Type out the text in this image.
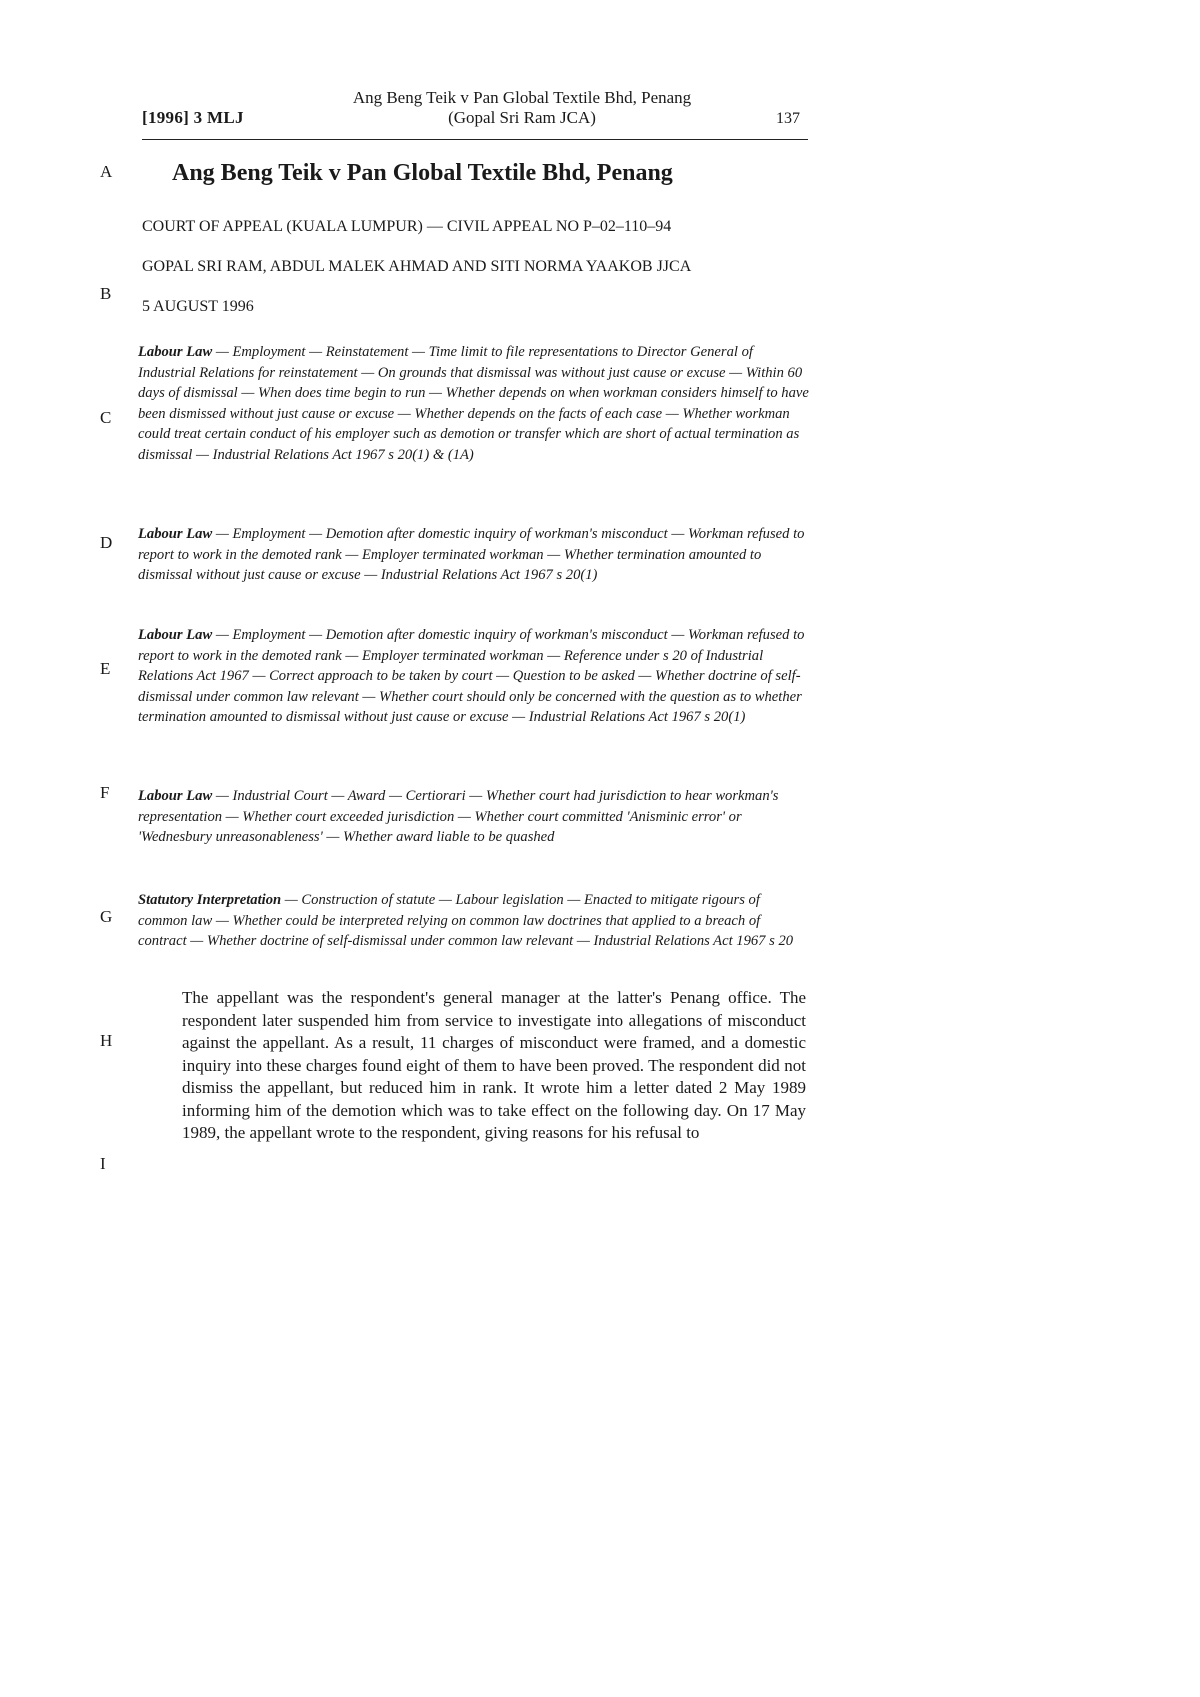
[1996] 3 MLJ
Ang Beng Teik v Pan Global Textile Bhd, Penang
(Gopal Sri Ram JCA)	137
A
B
C
D
E
F
G
H
I
Ang Beng Teik v Pan Global Textile Bhd, Penang
COURT OF APPEAL (KUALA LUMPUR) — CIVIL APPEAL NO P–02–110–94
GOPAL SRI RAM, ABDUL MALEK AHMAD AND SITI NORMA YAAKOB JJCA
5 AUGUST 1996
Labour Law — Employment — Reinstatement — Time limit to file representations to Director General of Industrial Relations for reinstatement — On grounds that dismissal was without just cause or excuse — Within 60 days of dismissal — When does time begin to run — Whether depends on when workman considers himself to have been dismissed without just cause or excuse — Whether depends on the facts of each case — Whether workman could treat certain conduct of his employer such as demotion or transfer which are short of actual termination as dismissal — Industrial Relations Act 1967 s 20(1) & (1A)
Labour Law — Employment — Demotion after domestic inquiry of workman's misconduct — Workman refused to report to work in the demoted rank — Employer terminated workman — Whether termination amounted to dismissal without just cause or excuse — Industrial Relations Act 1967 s 20(1)
Labour Law — Employment — Demotion after domestic inquiry of workman's misconduct — Workman refused to report to work in the demoted rank — Employer terminated workman — Reference under s 20 of Industrial Relations Act 1967 — Correct approach to be taken by court — Question to be asked — Whether doctrine of self-dismissal under common law relevant — Whether court should only be concerned with the question as to whether termination amounted to dismissal without just cause or excuse — Industrial Relations Act 1967 s 20(1)
Labour Law — Industrial Court — Award — Certiorari — Whether court had jurisdiction to hear workman's representation — Whether court exceeded jurisdiction — Whether court committed 'Anisminic error' or 'Wednesbury unreasonableness' — Whether award liable to be quashed
Statutory Interpretation — Construction of statute — Labour legislation — Enacted to mitigate rigours of common law — Whether could be interpreted relying on common law doctrines that applied to a breach of contract — Whether doctrine of self-dismissal under common law relevant — Industrial Relations Act 1967 s 20
The appellant was the respondent's general manager at the latter's Penang office. The respondent later suspended him from service to investigate into allegations of misconduct against the appellant. As a result, 11 charges of misconduct were framed, and a domestic inquiry into these charges found eight of them to have been proved. The respondent did not dismiss the appellant, but reduced him in rank. It wrote him a letter dated 2 May 1989 informing him of the demotion which was to take effect on the following day. On 17 May 1989, the appellant wrote to the respondent, giving reasons for his refusal to
